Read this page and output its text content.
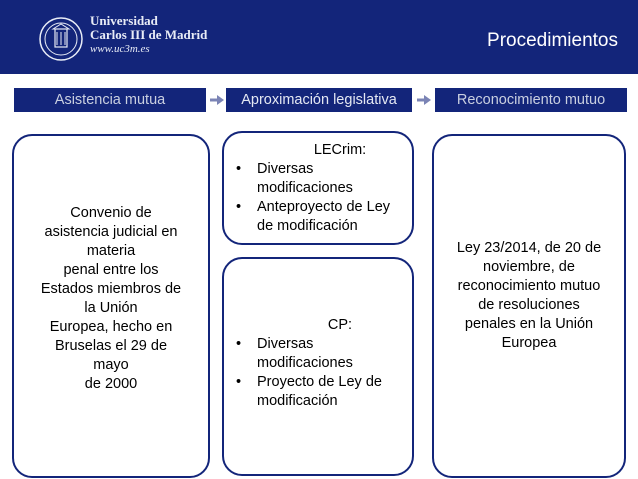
Universidad
Carlos III de Madrid
www.uc3m.es	Procedimientos
Asistencia mutua	Aproximación legislativa	Reconocimiento mutuo
Convenio de
asistencia judicial en
materia
penal entre los
Estados miembros de
la Unión
Europea, hecho en
Bruselas el 29 de
mayo
de 2000
LECrim:
• Diversas
modificaciones
• Anteproyecto de Ley
de modificación
CP:
• Diversas
modificaciones
• Proyecto de Ley de
modificación
Ley 23/2014, de 20 de
noviembre, de
reconocimiento mutuo
de resoluciones
penales en la Unión
Europea
